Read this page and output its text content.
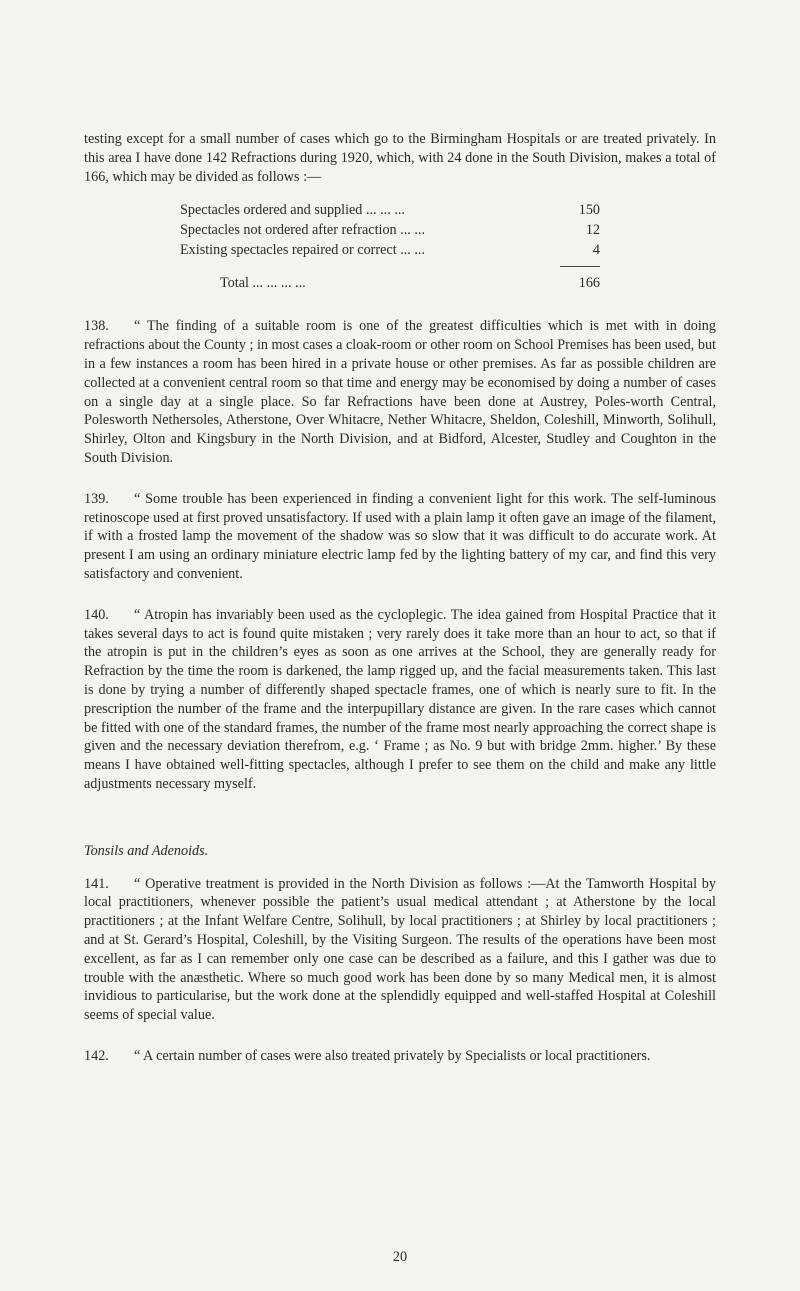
testing except for a small number of cases which go to the Birmingham Hospitals or are treated privately. In this area I have done 142 Refractions during 1920, which, with 24 done in the South Division, makes a total of 166, which may be divided as follows :—

Spectacles ordered and supplied ... ... ...	150
Spectacles not ordered after refraction ... ...	12
Existing spectacles repaired or correct ... ...	4
Total ... ... ... ...	166

138. “ The finding of a suitable room is one of the greatest difficulties which is met with in doing refractions about the County ; in most cases a cloak-room or other room on School Premises has been used, but in a few instances a room has been hired in a private house or other premises. As far as possible children are collected at a convenient central room so that time and energy may be economised by doing a number of cases on a single day at a single place. So far Refractions have been done at Austrey, Poles-worth Central, Polesworth Nethersoles, Atherstone, Over Whitacre, Nether Whitacre, Sheldon, Coleshill, Minworth, Solihull, Shirley, Olton and Kingsbury in the North Division, and at Bidford, Alcester, Studley and Coughton in the South Division.

139. “ Some trouble has been experienced in finding a convenient light for this work. The self-luminous retinoscope used at first proved unsatisfactory. If used with a plain lamp it often gave an image of the filament, if with a frosted lamp the movement of the shadow was so slow that it was difficult to do accurate work. At present I am using an ordinary miniature electric lamp fed by the lighting battery of my car, and find this very satisfactory and convenient.

140. “ Atropin has invariably been used as the cycloplegic. The idea gained from Hospital Practice that it takes several days to act is found quite mistaken ; very rarely does it take more than an hour to act, so that if the atropin is put in the children’s eyes as soon as one arrives at the School, they are generally ready for Refraction by the time the room is darkened, the lamp rigged up, and the facial measurements taken. This last is done by trying a number of differently shaped spectacle frames, one of which is nearly sure to fit. In the prescription the number of the frame and the interpupillary distance are given. In the rare cases which cannot be fitted with one of the standard frames, the number of the frame most nearly approaching the correct shape is given and the necessary deviation therefrom, e.g. ‘ Frame ; as No. 9 but with bridge 2mm. higher.’ By these means I have obtained well-fitting spectacles, although I prefer to see them on the child and make any little adjustments necessary myself.

Tonsils and Adenoids.

141. “ Operative treatment is provided in the North Division as follows :—At the Tamworth Hospital by local practitioners, whenever possible the patient’s usual medical attendant ; at Atherstone by the local practitioners ; at the Infant Welfare Centre, Solihull, by local practitioners ; at Shirley by local practitioners ; and at St. Gerard’s Hospital, Coleshill, by the Visiting Surgeon. The results of the operations have been most excellent, as far as I can remember only one case can be described as a failure, and this I gather was due to trouble with the anæsthetic. Where so much good work has been done by so many Medical men, it is almost invidious to particularise, but the work done at the splendidly equipped and well-staffed Hospital at Coleshill seems of special value.

142. “ A certain number of cases were also treated privately by Specialists or local practitioners.

20
